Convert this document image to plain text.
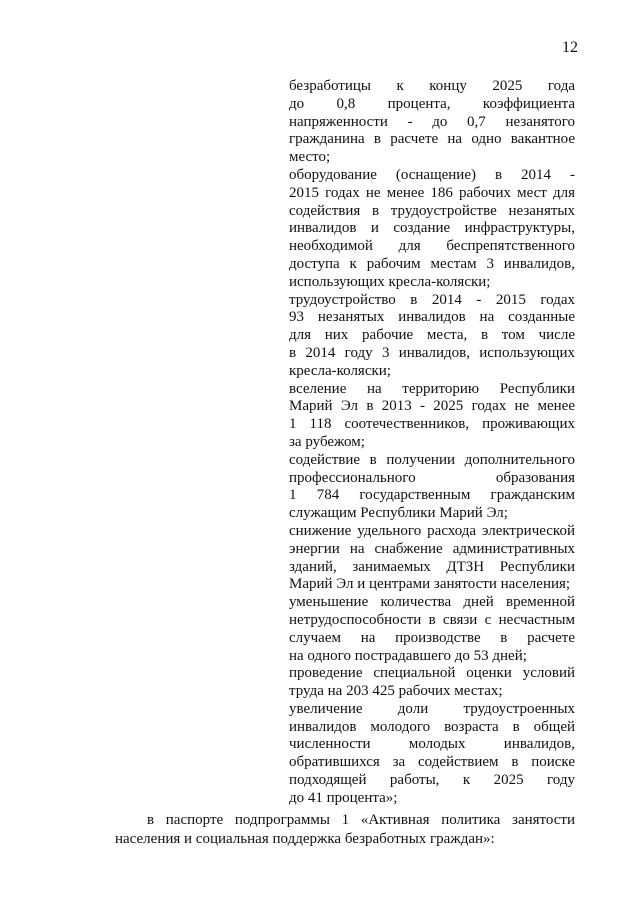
12
безработицы к концу 2025 года
до 0,8 процента, коэффициента
напряженности - до 0,7 незанятого
гражданина в расчете на одно вакантное
место;
оборудование (оснащение) в 2014 -
2015 годах не менее 186 рабочих мест для
содействия в трудоустройстве незанятых
инвалидов и создание инфраструктуры,
необходимой для беспрепятственного
доступа к рабочим местам 3 инвалидов,
использующих кресла-коляски;
трудоустройство в 2014 - 2015 годах
93 незанятых инвалидов на созданные
для них рабочие места, в том числе
в 2014 году 3 инвалидов, использующих
кресла-коляски;
вселение на территорию Республики
Марий Эл в 2013 - 2025 годах не менее
1 118 соотечественников, проживающих
за рубежом;
содействие в получении дополнительного
профессионального образования
1 784 государственным гражданским
служащим Республики Марий Эл;
снижение удельного расхода электрической
энергии на снабжение административных
зданий, занимаемых ДТЗН Республики
Марий Эл и центрами занятости населения;
уменьшение количества дней временной
нетрудоспособности в связи с несчастным
случаем на производстве в расчете
на одного пострадавшего до 53 дней;
проведение специальной оценки условий
труда на 203 425 рабочих местах;
увеличение доли трудоустроенных
инвалидов молодого возраста в общей
численности молодых инвалидов,
обратившихся за содействием в поиске
подходящей работы, к 2025 году
до 41 процента»;
в паспорте подпрограммы 1 «Активная политика занятости
населения и социальная поддержка безработных граждан»:
